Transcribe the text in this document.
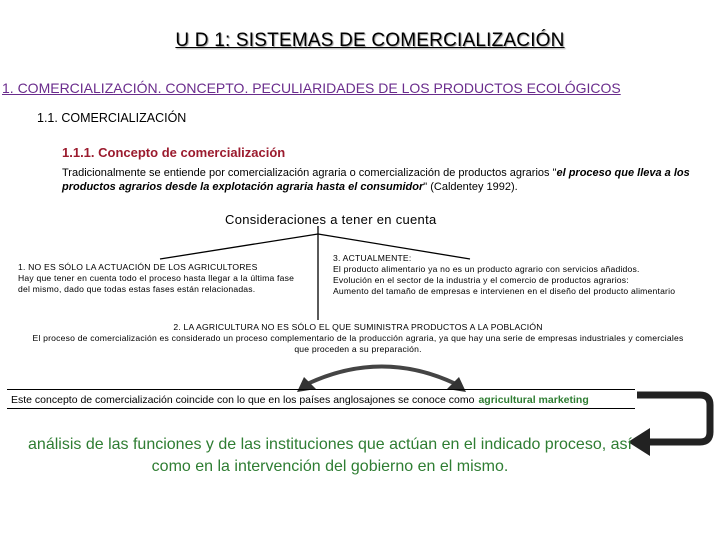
U D 1: SISTEMAS DE COMERCIALIZACIÓN
1. COMERCIALIZACIÓN. CONCEPTO. PECULIARIDADES DE LOS PRODUCTOS ECOLÓGICOS
1.1. COMERCIALIZACIÓN
1.1.1. Concepto de comercialización
Tradicionalmente se entiende por comercialización agraria o comercialización de productos agrarios "el proceso que lleva a los productos agrarios desde la explotación agraria hasta el consumidor" (Caldentey 1992).
Consideraciones a tener en cuenta
1. NO ES SÓLO LA ACTUACIÓN DE LOS AGRICULTORES
Hay que tener en cuenta todo el proceso hasta llegar a la última fase del mismo, dado que todas estas fases están relacionadas.
3. ACTUALMENTE:
El producto alimentario ya no es un producto agrario con servicios añadidos.
Evolución en el sector de la industria y el comercio de productos agrarios:
Aumento del tamaño de empresas e intervienen en el diseño del producto alimentario
2. LA AGRICULTURA NO ES SÓLO EL QUE SUMINISTRA PRODUCTOS A LA POBLACIÓN
El proceso de comercialización es considerado un proceso complementario de la producción agraria, ya que hay una serie de empresas industriales y comerciales que proceden a su preparación.
Este concepto de comercialización coincide con lo que en los países anglosajones se conoce como agricultural marketing
análisis de las funciones y de las instituciones que actúan en el indicado proceso, así como en la intervención del gobierno en el mismo.
